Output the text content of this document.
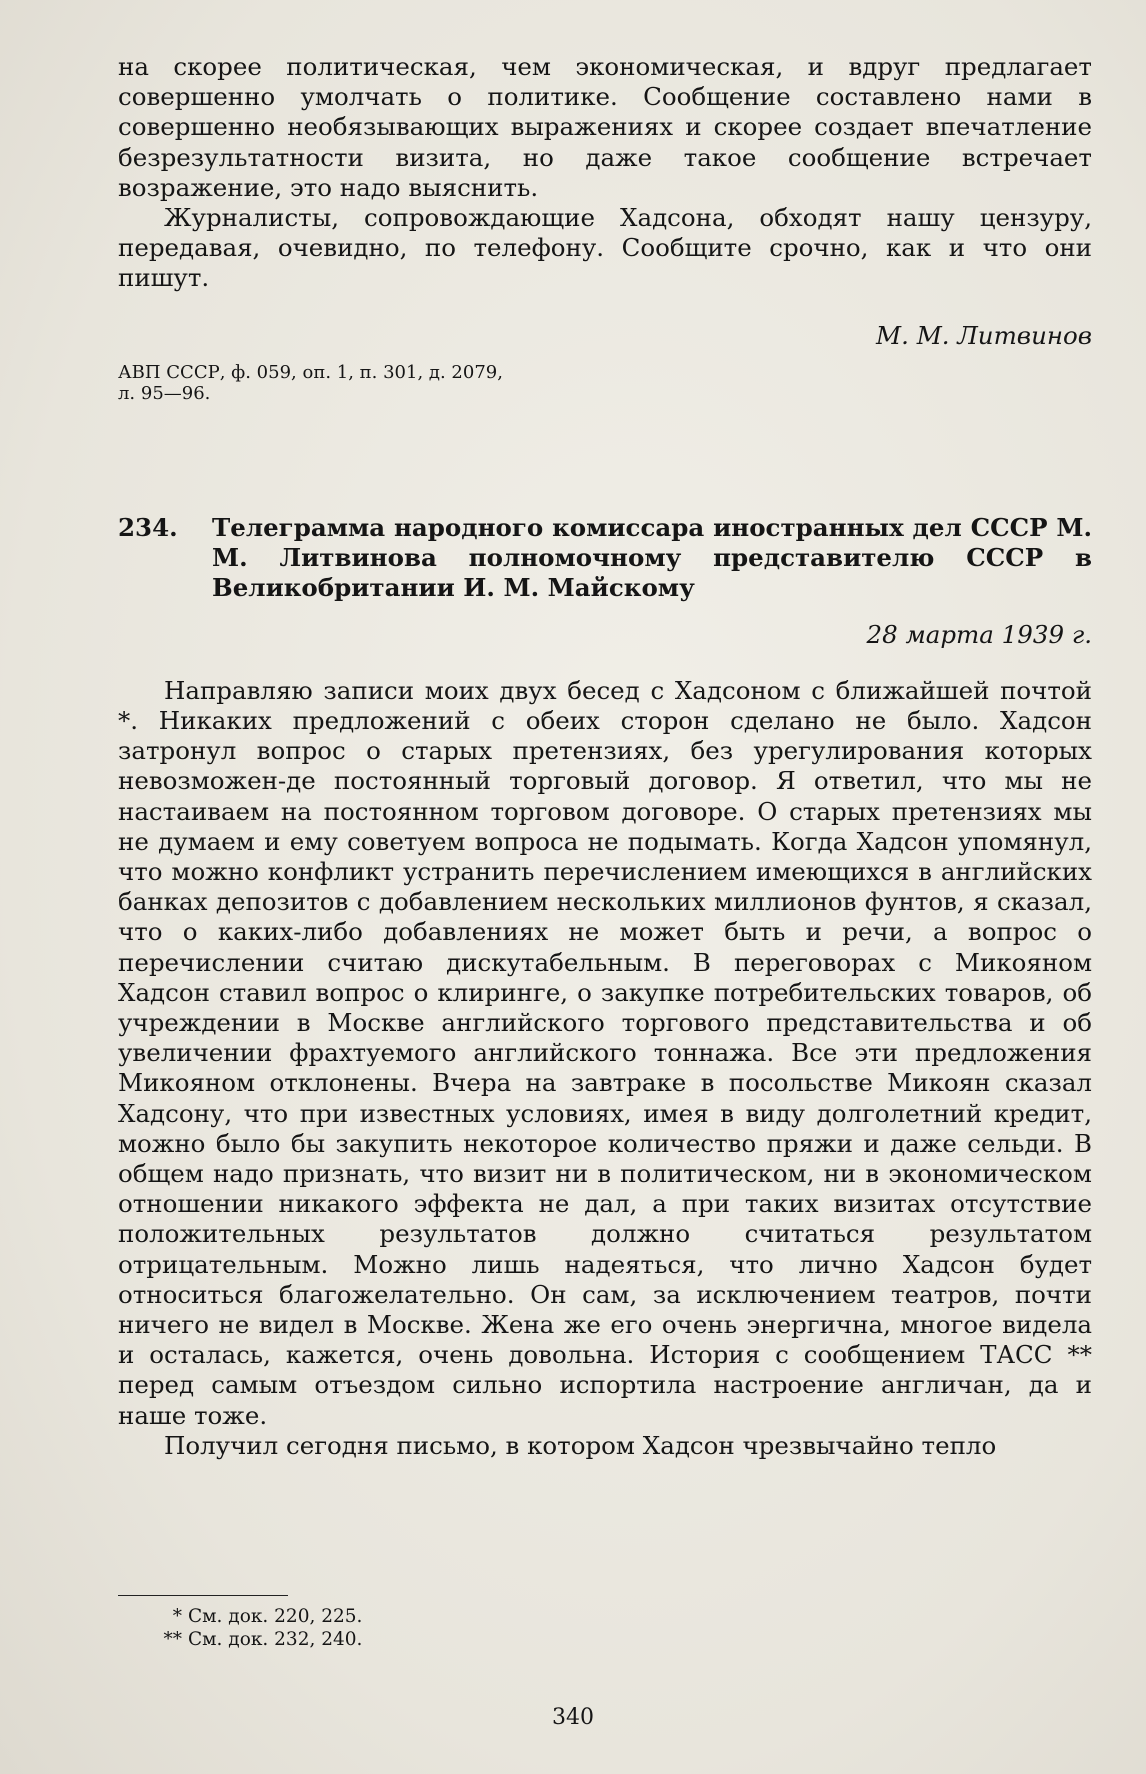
на скорее политическая, чем экономическая, и вдруг предлагает совершенно умолчать о политике. Сообщение составлено нами в совершенно необязывающих выражениях и скорее создает впечатление безрезультатности визита, но даже такое сообщение встречает возражение, это надо выяснить.

Журналисты, сопровождающие Хадсона, обходят нашу цензуру, передавая, очевидно, по телефону. Сообщите срочно, как и что они пишут.

М. М. Литвинов

АВП СССР, ф. 059, оп. 1, п. 301, д. 2079,
л. 95—96.

234. Телеграмма народного комиссара иностранных дел СССР М. М. Литвинова полномочному представителю СССР в Великобритании И. М. Майскому

28 марта 1939 г.

Направляю записи моих двух бесед с Хадсоном с ближайшей почтой *. Никаких предложений с обеих сторон сделано не было. Хадсон затронул вопрос о старых претензиях, без урегулирования которых невозможен-де постоянный торговый договор. Я ответил, что мы не настаиваем на постоянном торговом договоре. О старых претензиях мы не думаем и ему советуем вопроса не подымать. Когда Хадсон упомянул, что можно конфликт устранить перечислением имеющихся в английских банках депозитов с добавлением нескольких миллионов фунтов, я сказал, что о каких-либо добавлениях не может быть и речи, а вопрос о перечислении считаю дискутабельным. В переговорах с Микояном Хадсон ставил вопрос о клиринге, о закупке потребительских товаров, об учреждении в Москве английского торгового представительства и об увеличении фрахтуемого английского тоннажа. Все эти предложения Микояном отклонены. Вчера на завтраке в посольстве Микоян сказал Хадсону, что при известных условиях, имея в виду долголетний кредит, можно было бы закупить некоторое количество пряжи и даже сельди. В общем надо признать, что визит ни в политическом, ни в экономическом отношении никакого эффекта не дал, а при таких визитах отсутствие положительных результатов должно считаться результатом отрицательным. Можно лишь надеяться, что лично Хадсон будет относиться благожелательно. Он сам, за исключением театров, почти ничего не видел в Москве. Жена же его очень энергична, многое видела и осталась, кажется, очень довольна. История с сообщением ТАСС ** перед самым отъездом сильно испортила настроение англичан, да и наше тоже.

Получил сегодня письмо, в котором Хадсон чрезвычайно тепло

* См. док. 220, 225.
** См. док. 232, 240.
340
